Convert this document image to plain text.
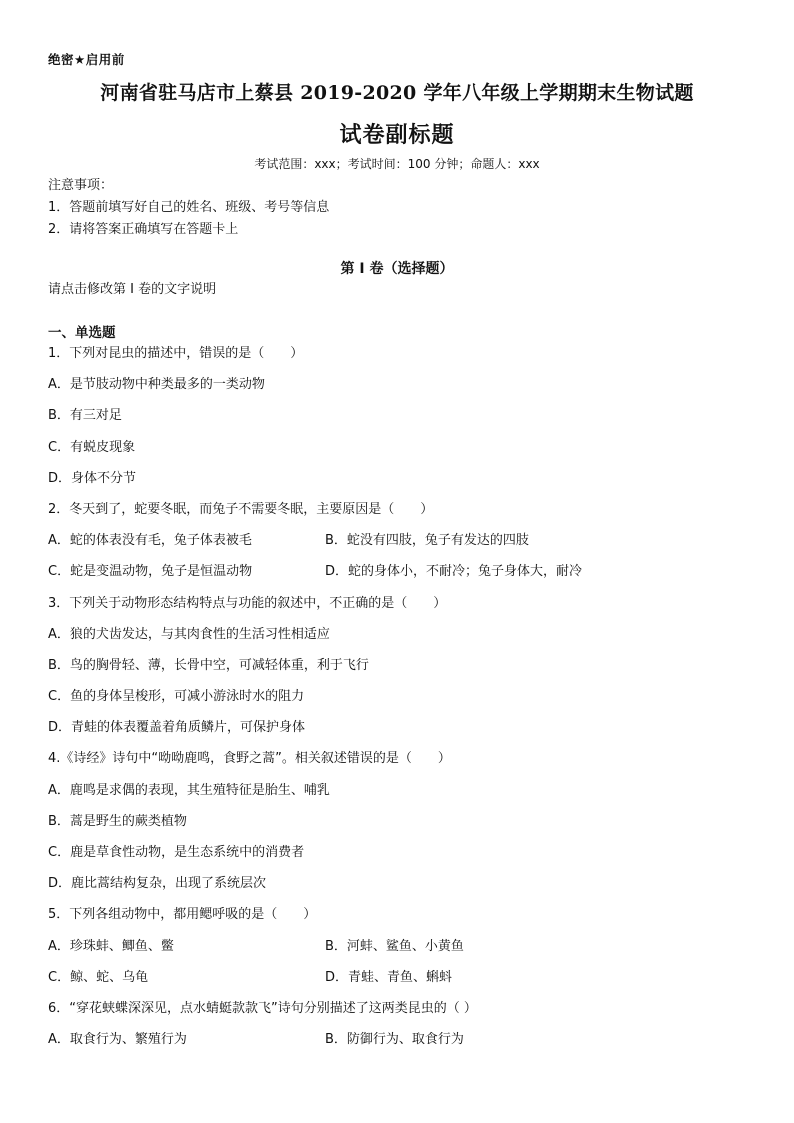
绝密★启用前
河南省驻马店市上蔡县 2019-2020 学年八年级上学期期末生物试题
试卷副标题
考试范围：xxx；考试时间：100 分钟；命题人：xxx
注意事项：
1．答题前填写好自己的姓名、班级、考号等信息
2．请将答案正确填写在答题卡上
第 I 卷（选择题）
请点击修改第 I 卷的文字说明
一、单选题
1．下列对昆虫的描述中，错误的是（　　）
A．是节肢动物中种类最多的一类动物
B．有三对足
C．有蜕皮现象
D．身体不分节
2．冬天到了，蛇要冬眠，而兔子不需要冬眠，主要原因是（　　）
A．蛇的体表没有毛，兔子体表被毛	B．蛇没有四肢，兔子有发达的四肢
C．蛇是变温动物，兔子是恒温动物	D．蛇的身体小，不耐冷；兔子身体大，耐冷
3．下列关于动物形态结构特点与功能的叙述中，不正确的是（　　）
A．狼的犬齿发达，与其肉食性的生活习性相适应
B．鸟的胸骨轻、薄，长骨中空，可减轻体重，利于飞行
C．鱼的身体呈梭形，可减小游泳时水的阻力
D．青蛙的体表覆盖着角质鳞片，可保护身体
4.《诗经》诗句中“呦呦鹿鸣，食野之蒿”。相关叙述错误的是（　　）
A．鹿鸣是求偶的表现，其生殖特征是胎生、哺乳
B．蒿是野生的蕨类植物
C．鹿是草食性动物，是生态系统中的消费者
D．鹿比蒿结构复杂，出现了系统层次
5．下列各组动物中，都用鳃呼吸的是（　　）
A．珍珠蚌、鲫鱼、鳖	B．河蚌、鲨鱼、小黄鱼
C．鲸、蛇、乌龟	D．青蛙、青鱼、蝌蚪
6．“穿花蛱蝶深深见，点水蜻蜓款款飞”诗句分别描述了这两类昆虫的（ ）
A．取食行为、繁殖行为	B．防御行为、取食行为
